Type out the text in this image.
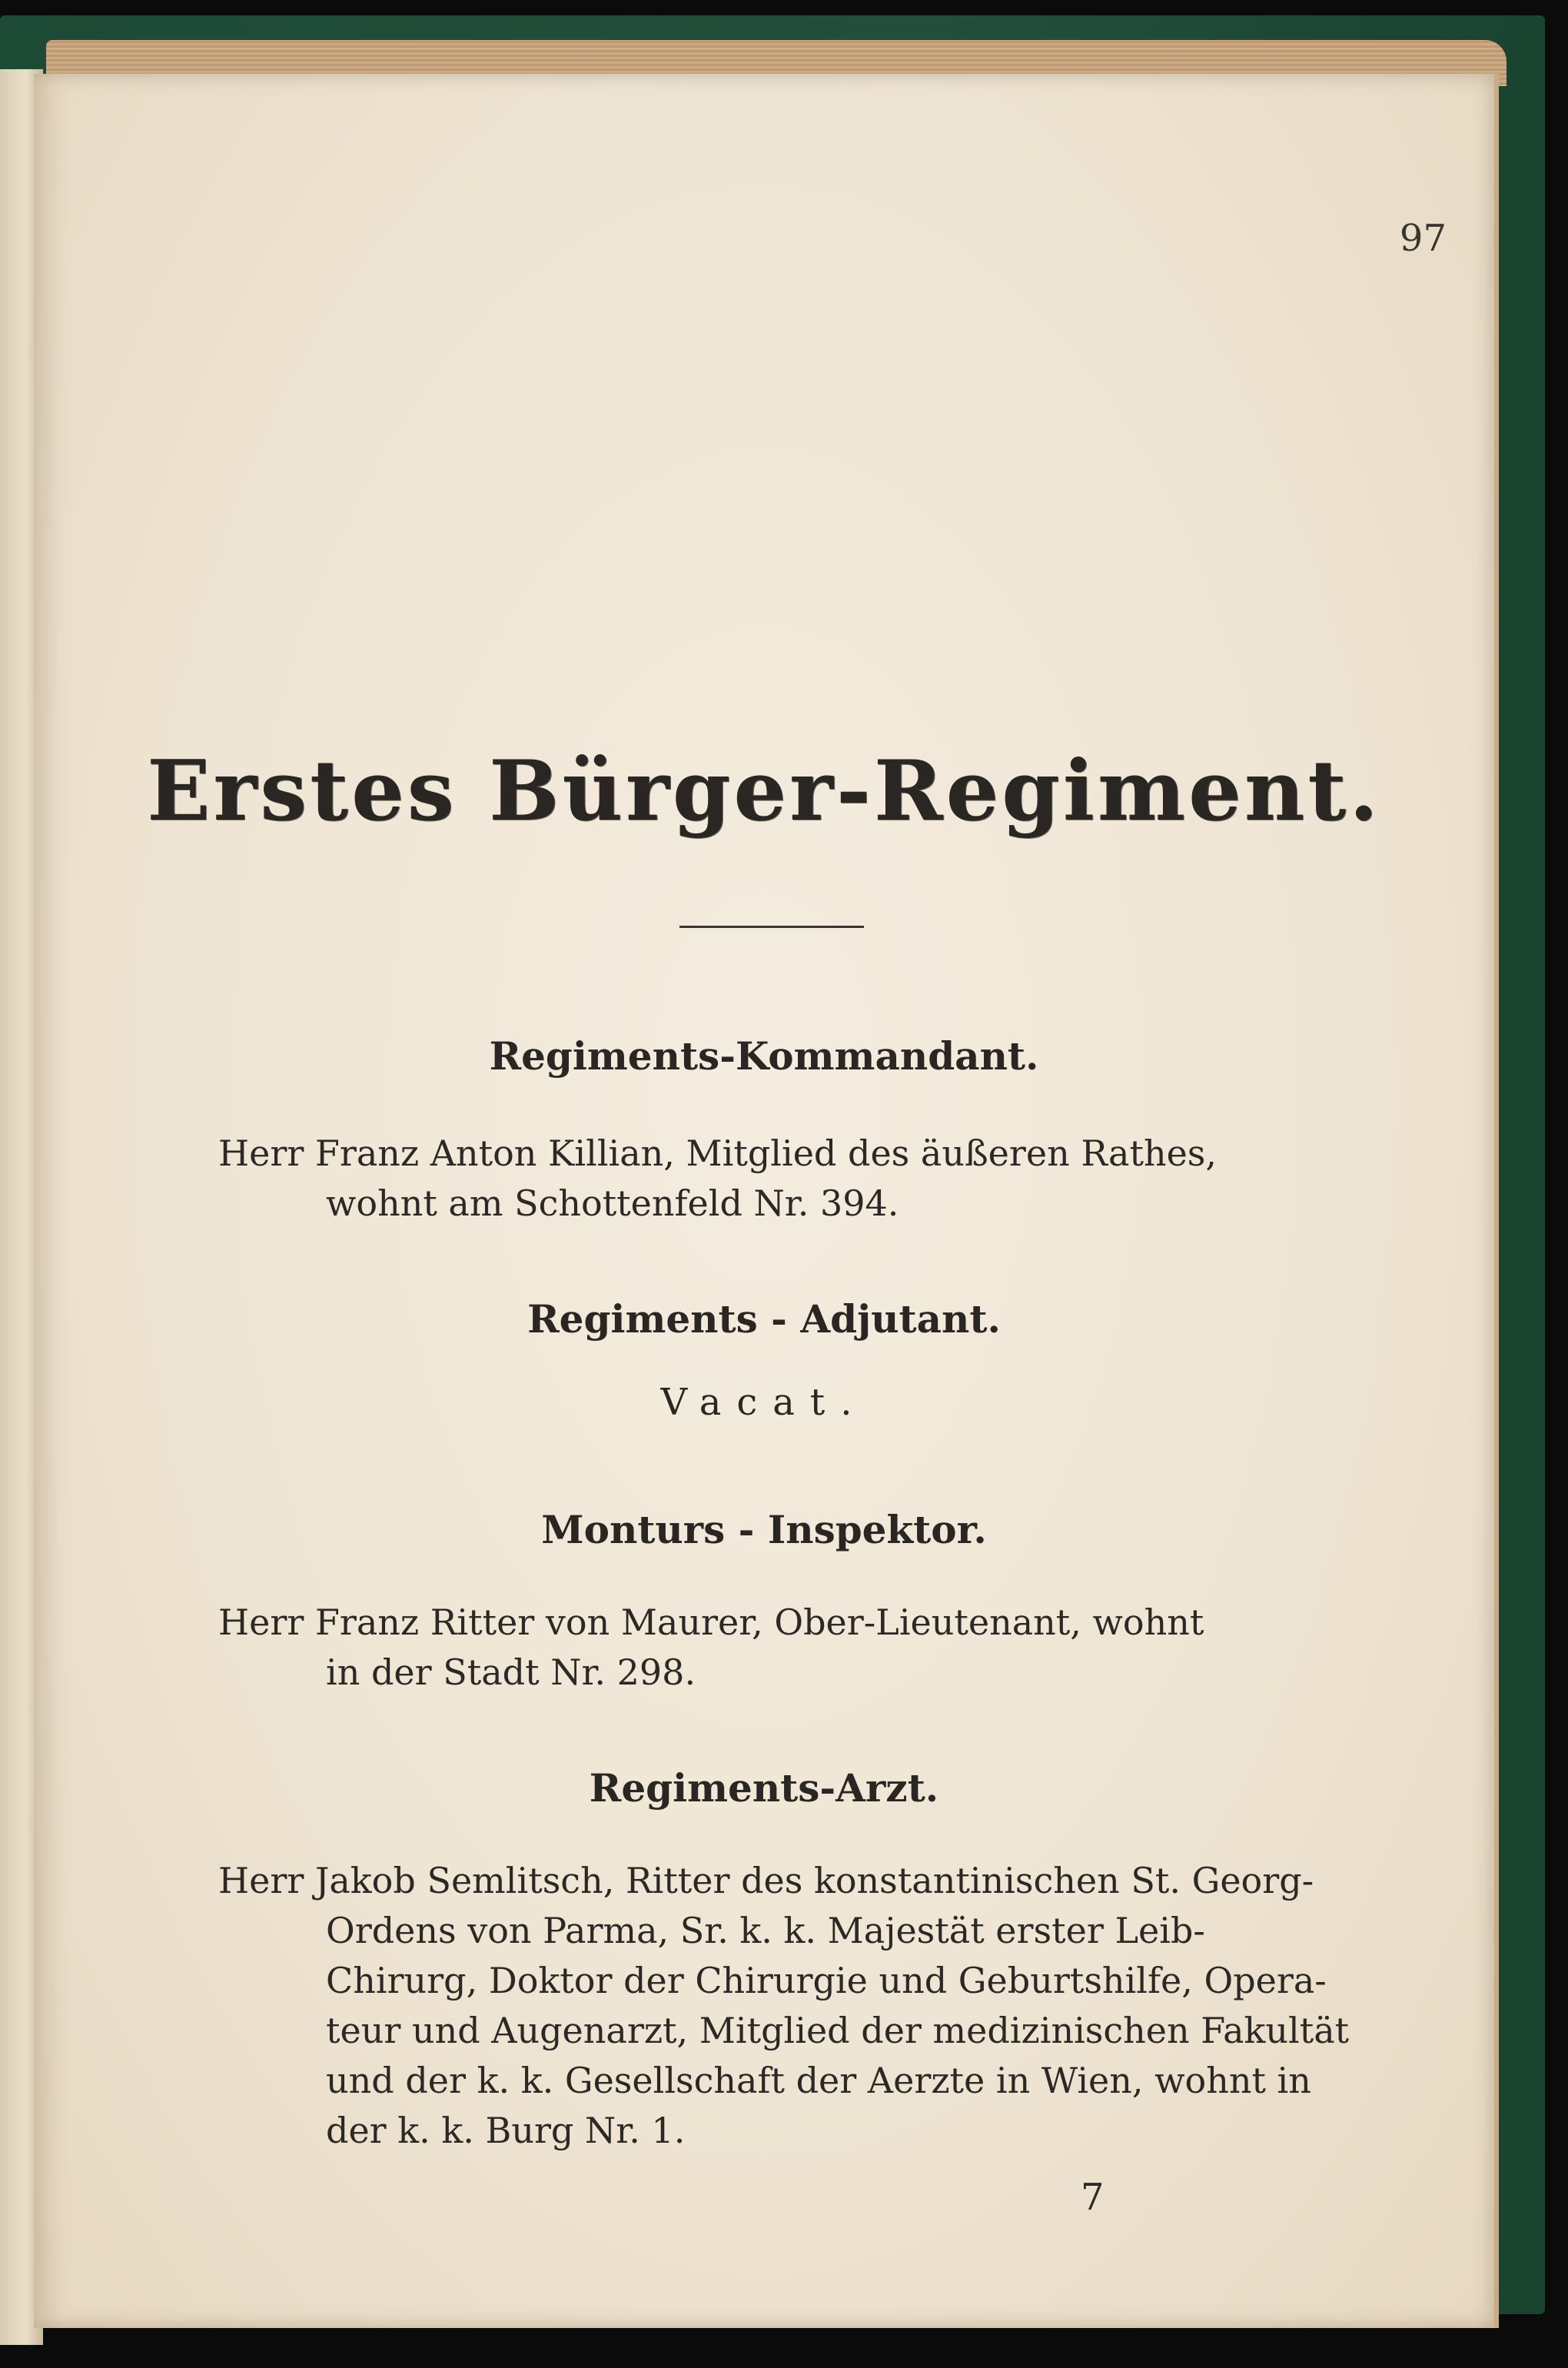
97
Erstes Bürger-Regiment.
Regiments-Kommandant.
Herr Franz Anton Killian, Mitglied des äußeren Rathes,
wohnt am Schottenfeld Nr. 394.
Regiments - Adjutant.
Vacat.
Monturs - Inspektor.
Herr Franz Ritter von Maurer, Ober-Lieutenant, wohnt
in der Stadt Nr. 298.
Regiments-Arzt.
Herr Jakob Semlitsch, Ritter des konstantinischen St. Georg-
Ordens von Parma, Sr. k. k. Majestät erster Leib-
Chirurg, Doktor der Chirurgie und Geburtshilfe, Opera-
teur und Augenarzt, Mitglied der medizinischen Fakultät
und der k. k. Gesellschaft der Aerzte in Wien, wohnt in
der k. k. Burg Nr. 1.
7
